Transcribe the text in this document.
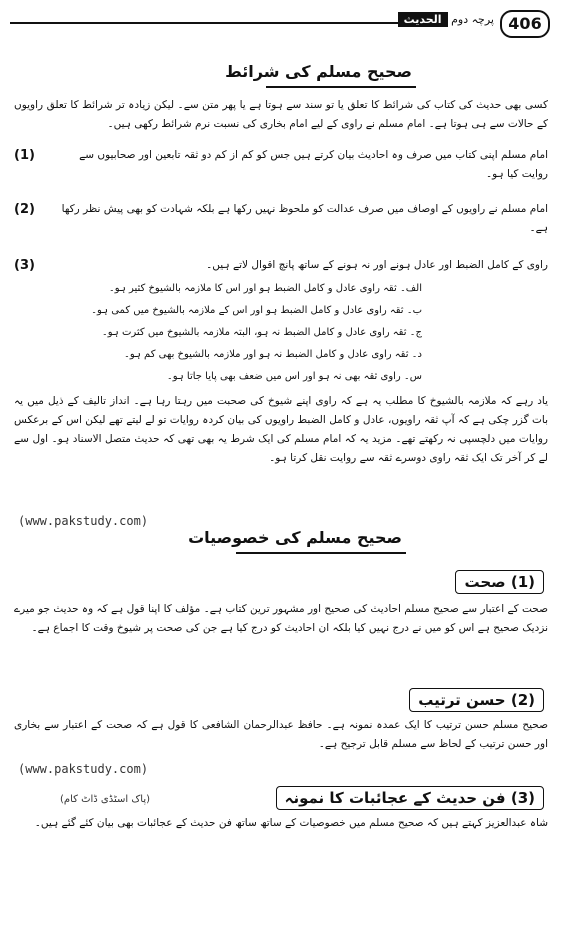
پرچہ دوم الحدیث	406
صحیح مسلم کی شرائط
کسی بھی حدیث کی کتاب کی شرائط کا تعلق یا تو سند سے ہوتا ہے یا پھر متن سے۔ لیکن زیادہ تر شرائط کا تعلق راویوں کے حالات سے ہی ہوتا ہے۔ امام مسلم نے راوی کے لیے امام بخاری کی نسبت نرم شرائط رکھی ہیں۔
(1)	امام مسلم اپنی کتاب میں صرف وہ احادیث بیان کرتے ہیں جس کو کم از کم دو ثقہ تابعین اور صحابیوں سے روایت کیا ہو۔
(2)	امام مسلم نے راویوں کے اوصاف میں صرف عدالت کو ملحوظ نہیں رکھا ہے بلکہ شہادت کو بھی پیش نظر رکھا ہے۔
(3)	راوی کے کامل الضبط اور عادل ہونے اور نہ ہونے کے ساتھ پانچ اقوال لاتے ہیں۔
الف۔ ثقہ راوی عادل و کامل الضبط ہو اور اس کا ملازمہ بالشیوخ کثیر ہو۔
ب۔ ثقہ راوی عادل و کامل الضبط ہو اور اس کے ملازمہ بالشیوخ میں کمی ہو۔
ج۔ ثقہ راوی عادل و کامل الضبط نہ ہو، البتہ ملازمہ بالشیوخ میں کثرت ہو۔
د۔ ثقہ راوی عادل و کامل الضبط نہ ہو اور ملازمہ بالشیوخ بھی کم ہو۔
س۔ راوی ثقہ بھی نہ ہو اور اس میں ضعف بھی پایا جاتا ہو۔
یاد رہے کہ ملازمہ بالشیوخ کا مطلب یہ ہے کہ راوی اپنے شیوخ کی صحبت میں رہتا رہا ہے۔ انداز تالیف کے ذیل میں یہ بات گزر چکی ہے کہ آپ ثقہ راویوں، عادل و کامل الضبط راویوں کی بیان کردہ روایات تو لے لیتے تھے لیکن اس کے برعکس روایات میں دلچسپی نہ رکھتے تھے۔ مزید یہ کہ امام مسلم کی ایک شرط یہ بھی تھی کہ حدیث متصل الاسناد ہو۔ اول سے لے کر آخر تک ایک ثقہ راوی دوسرے ثقہ سے روایت نقل کرتا ہو۔
(www.pakstudy.com)
صحیح مسلم کی خصوصیات
(1) صحت
صحت کے اعتبار سے صحیح مسلم احادیث کی صحیح اور مشہور ترین کتاب ہے۔ مؤلف کا اپنا قول ہے کہ وہ حدیث جو میرے نزدیک صحیح ہے اس کو میں نے درج نہیں کیا بلکہ ان احادیث کو درج کیا ہے جن کی صحت پر شیوخ وقت کا اجماع ہے۔
(2) حسن ترتیب
صحیح مسلم حسن ترتیب کا ایک عمدہ نمونہ ہے۔ حافظ عبدالرحمان الشافعی کا قول ہے کہ صحت کے اعتبار سے بخاری اور حسن ترتیب کے لحاظ سے مسلم قابل ترجیح ہے۔
(www.pakstudy.com)
(پاک اسٹڈی ڈاٹ کام)	(3) فن حدیث کے عجائبات کا نمونہ
شاہ عبدالعزیز کہتے ہیں کہ صحیح مسلم میں خصوصیات کے ساتھ ساتھ فن حدیث کے عجائبات بھی بیان کئے گئے ہیں۔
